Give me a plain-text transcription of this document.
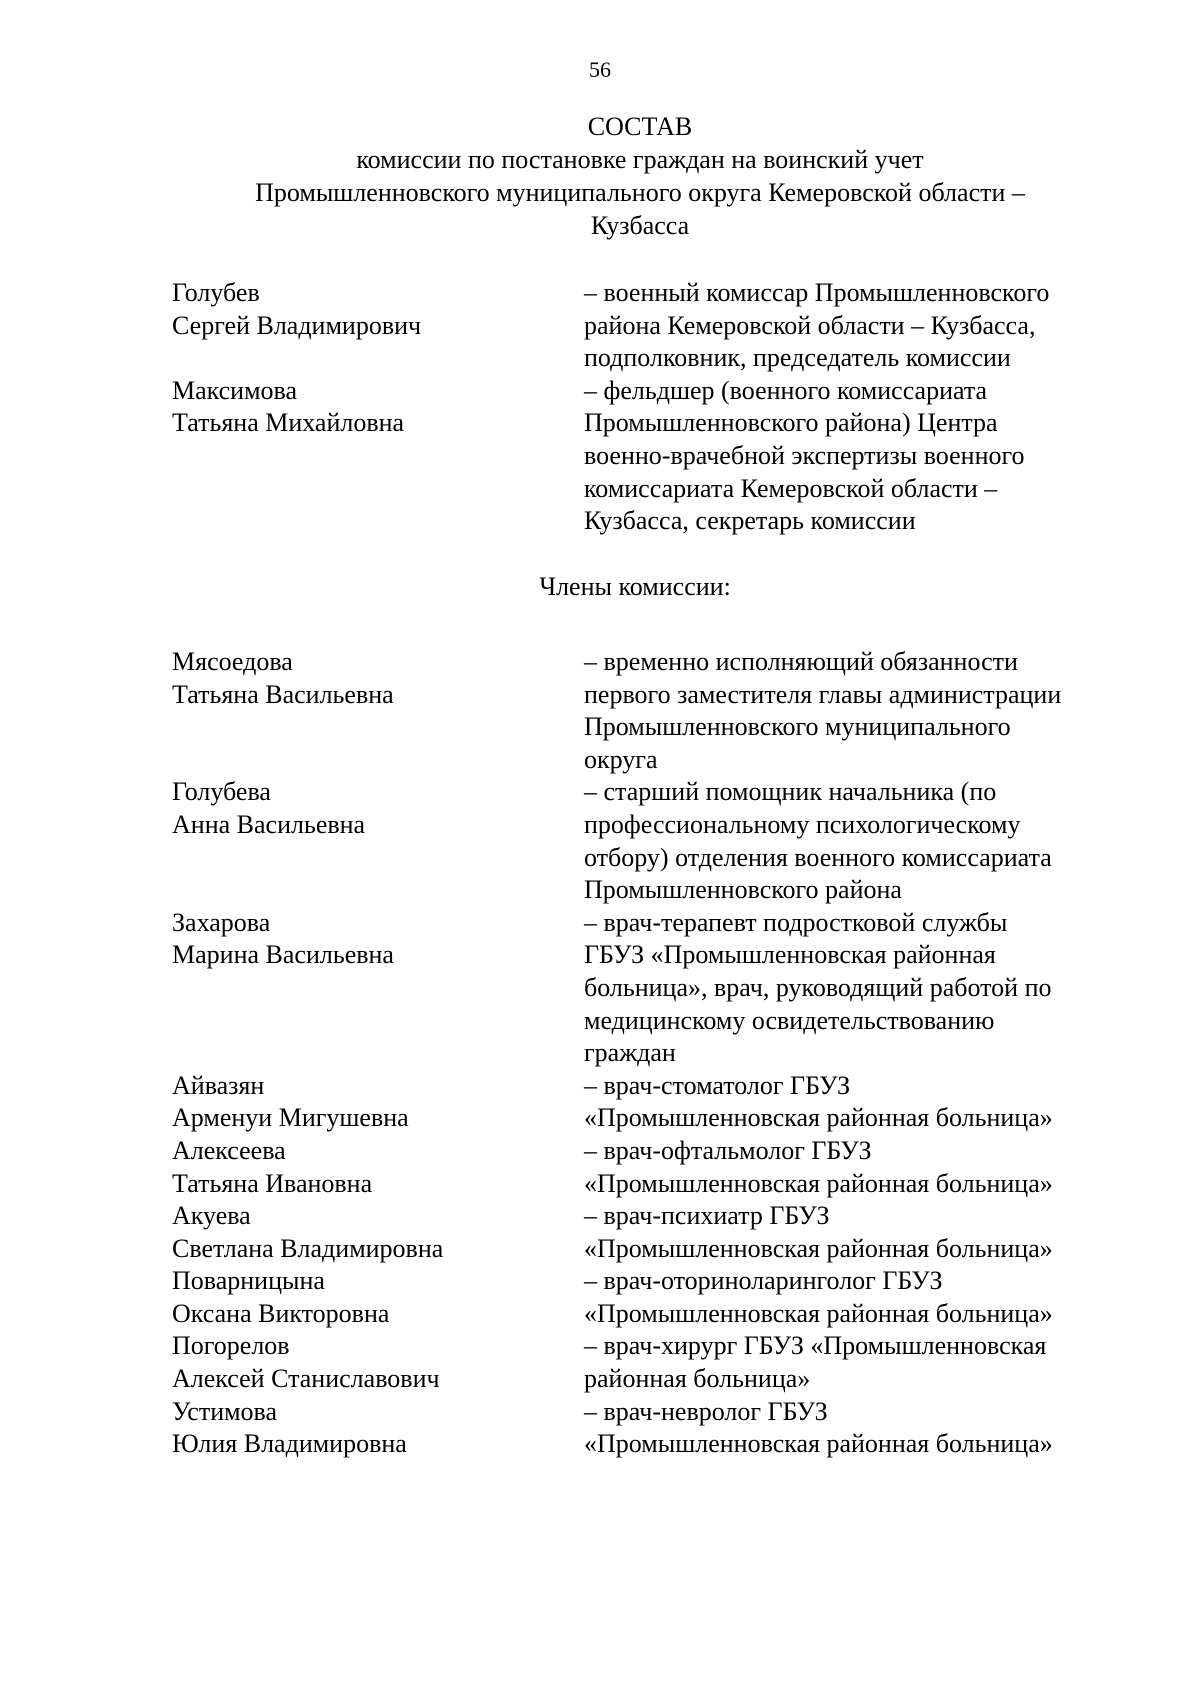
56
СОСТАВ
комиссии по постановке граждан на воинский учет
Промышленновского муниципального округа Кемеровской области –
Кузбасса
Голубев
Сергей Владимирович
– военный комиссар Промышленновского
района Кемеровской области – Кузбасса,
подполковник, председатель комиссии
Максимова
Татьяна Михайловна
– фельдшер (военного комиссариата
Промышленновского района) Центра
военно-врачебной экспертизы военного
комиссариата Кемеровской области –
Кузбасса, секретарь комиссии
Члены комиссии:
Мясоедова
Татьяна Васильевна
– временно исполняющий обязанности
первого заместителя главы администрации
Промышленновского муниципального
округа
Голубева
Анна Васильевна
– старший помощник начальника (по
профессиональному психологическому
отбору) отделения военного комиссариата
Промышленновского района
Захарова
Марина Васильевна
– врач-терапевт подростковой службы
ГБУЗ «Промышленновская районная
больница», врач, руководящий работой по
медицинскому освидетельствованию
граждан
Айвазян
Арменуи Мигушевна
– врач-стоматолог ГБУЗ
«Промышленновская районная больница»
Алексеева
Татьяна Ивановна
– врач-офтальмолог ГБУЗ
«Промышленновская районная больница»
Акуева
Светлана Владимировна
– врач-психиатр ГБУЗ
«Промышленновская районная больница»
Поварницына
Оксана Викторовна
– врач-оториноларинголог ГБУЗ
«Промышленновская районная больница»
Погорелов
Алексей Станиславович
– врач-хирург ГБУЗ «Промышленновская
районная больница»
Устимова
Юлия Владимировна
– врач-невролог ГБУЗ
«Промышленновская районная больница»
